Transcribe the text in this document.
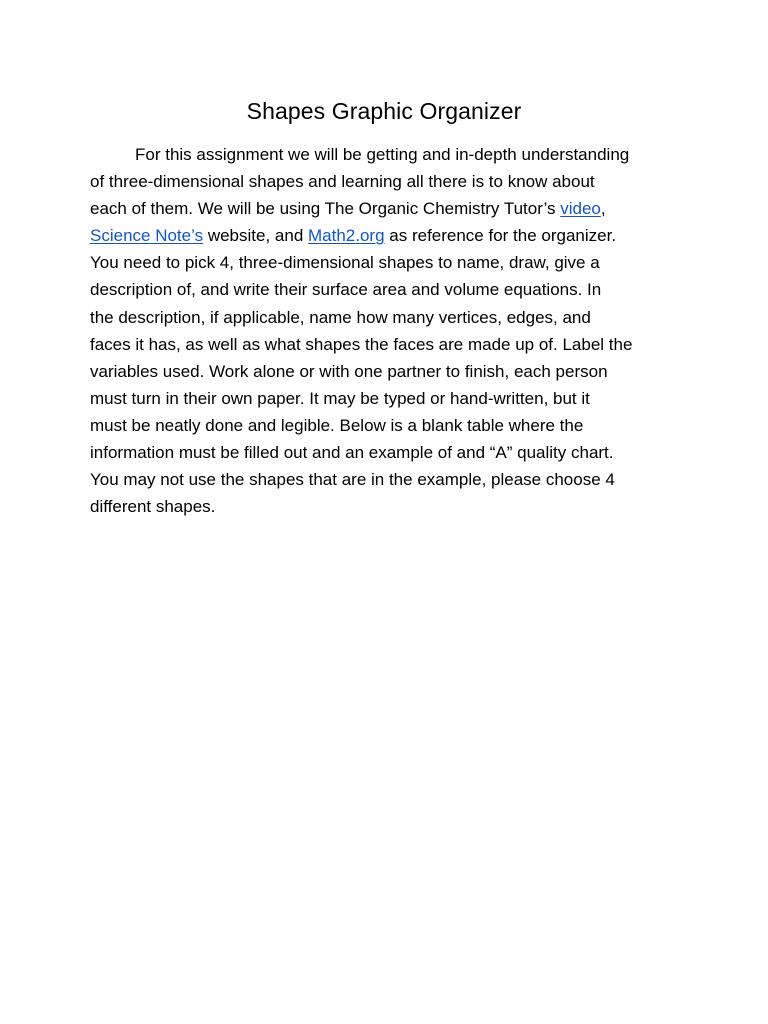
Shapes Graphic Organizer
For this assignment we will be getting and in-depth understanding
of three-dimensional shapes and learning all there is to know about
each of them. We will be using The Organic Chemistry Tutor’s video,
Science Note’s website, and Math2.org as reference for the organizer.
You need to pick 4, three-dimensional shapes to name, draw, give a
description of, and write their surface area and volume equations. In
the description, if applicable, name how many vertices, edges, and
faces it has, as well as what shapes the faces are made up of. Label the
variables used. Work alone or with one partner to finish, each person
must turn in their own paper. It may be typed or hand-written, but it
must be neatly done and legible. Below is a blank table where the
information must be filled out and an example of and “A” quality chart.
You may not use the shapes that are in the example, please choose 4
different shapes.
